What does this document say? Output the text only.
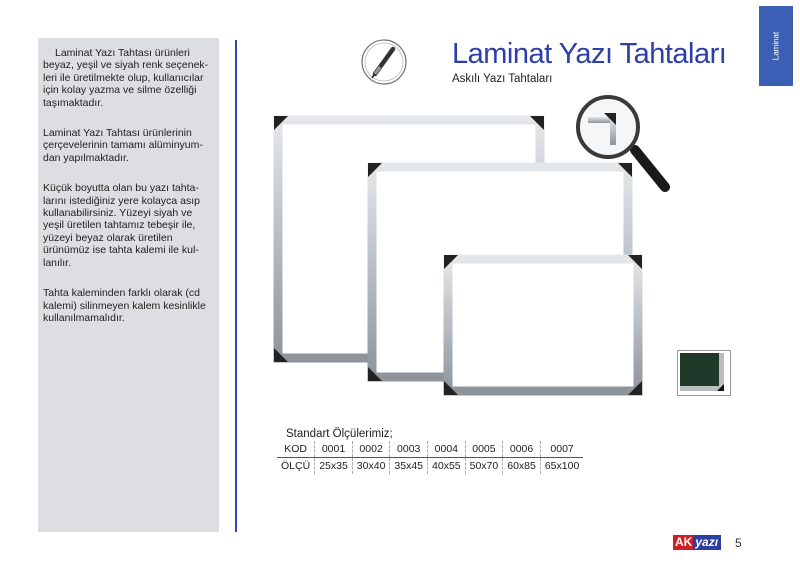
Laminat

Laminat Yazı Tahtası ürünleri beyaz, yeşil ve siyah renk seçenek-leri ile üretilmekte olup, kullanıcılar için kolay yazma ve silme özelliği taşımaktadır.

Laminat Yazı Tahtası ürünlerinin çerçevelerinin tamamı alüminyum-dan yapılmaktadır.

Küçük boyutta olan bu yazı tahta-larını istediğiniz yere kolayca asıp kullanabilirsiniz. Yüzeyi siyah ve yeşil üretilen tahtamız tebeşir ile, yüzeyi beyaz olarak üretilen ürünümüz ise tahta kalemi ile kul-lanılır.

Tahta kaleminden farklı olarak (cd kalemi) silinmeyen kalem kesinlikle kullanılmamalıdır.

Laminat Yazı Tahtaları
Askılı Yazı Tahtaları
Standart Ölçülerimiz;
KOD	0001	0002	0003	0004	0005	0006	0007
ÖLÇÜ	25x35	30x40	35x45	40x55	50x70	60x85	65x100
AK yazı 5
